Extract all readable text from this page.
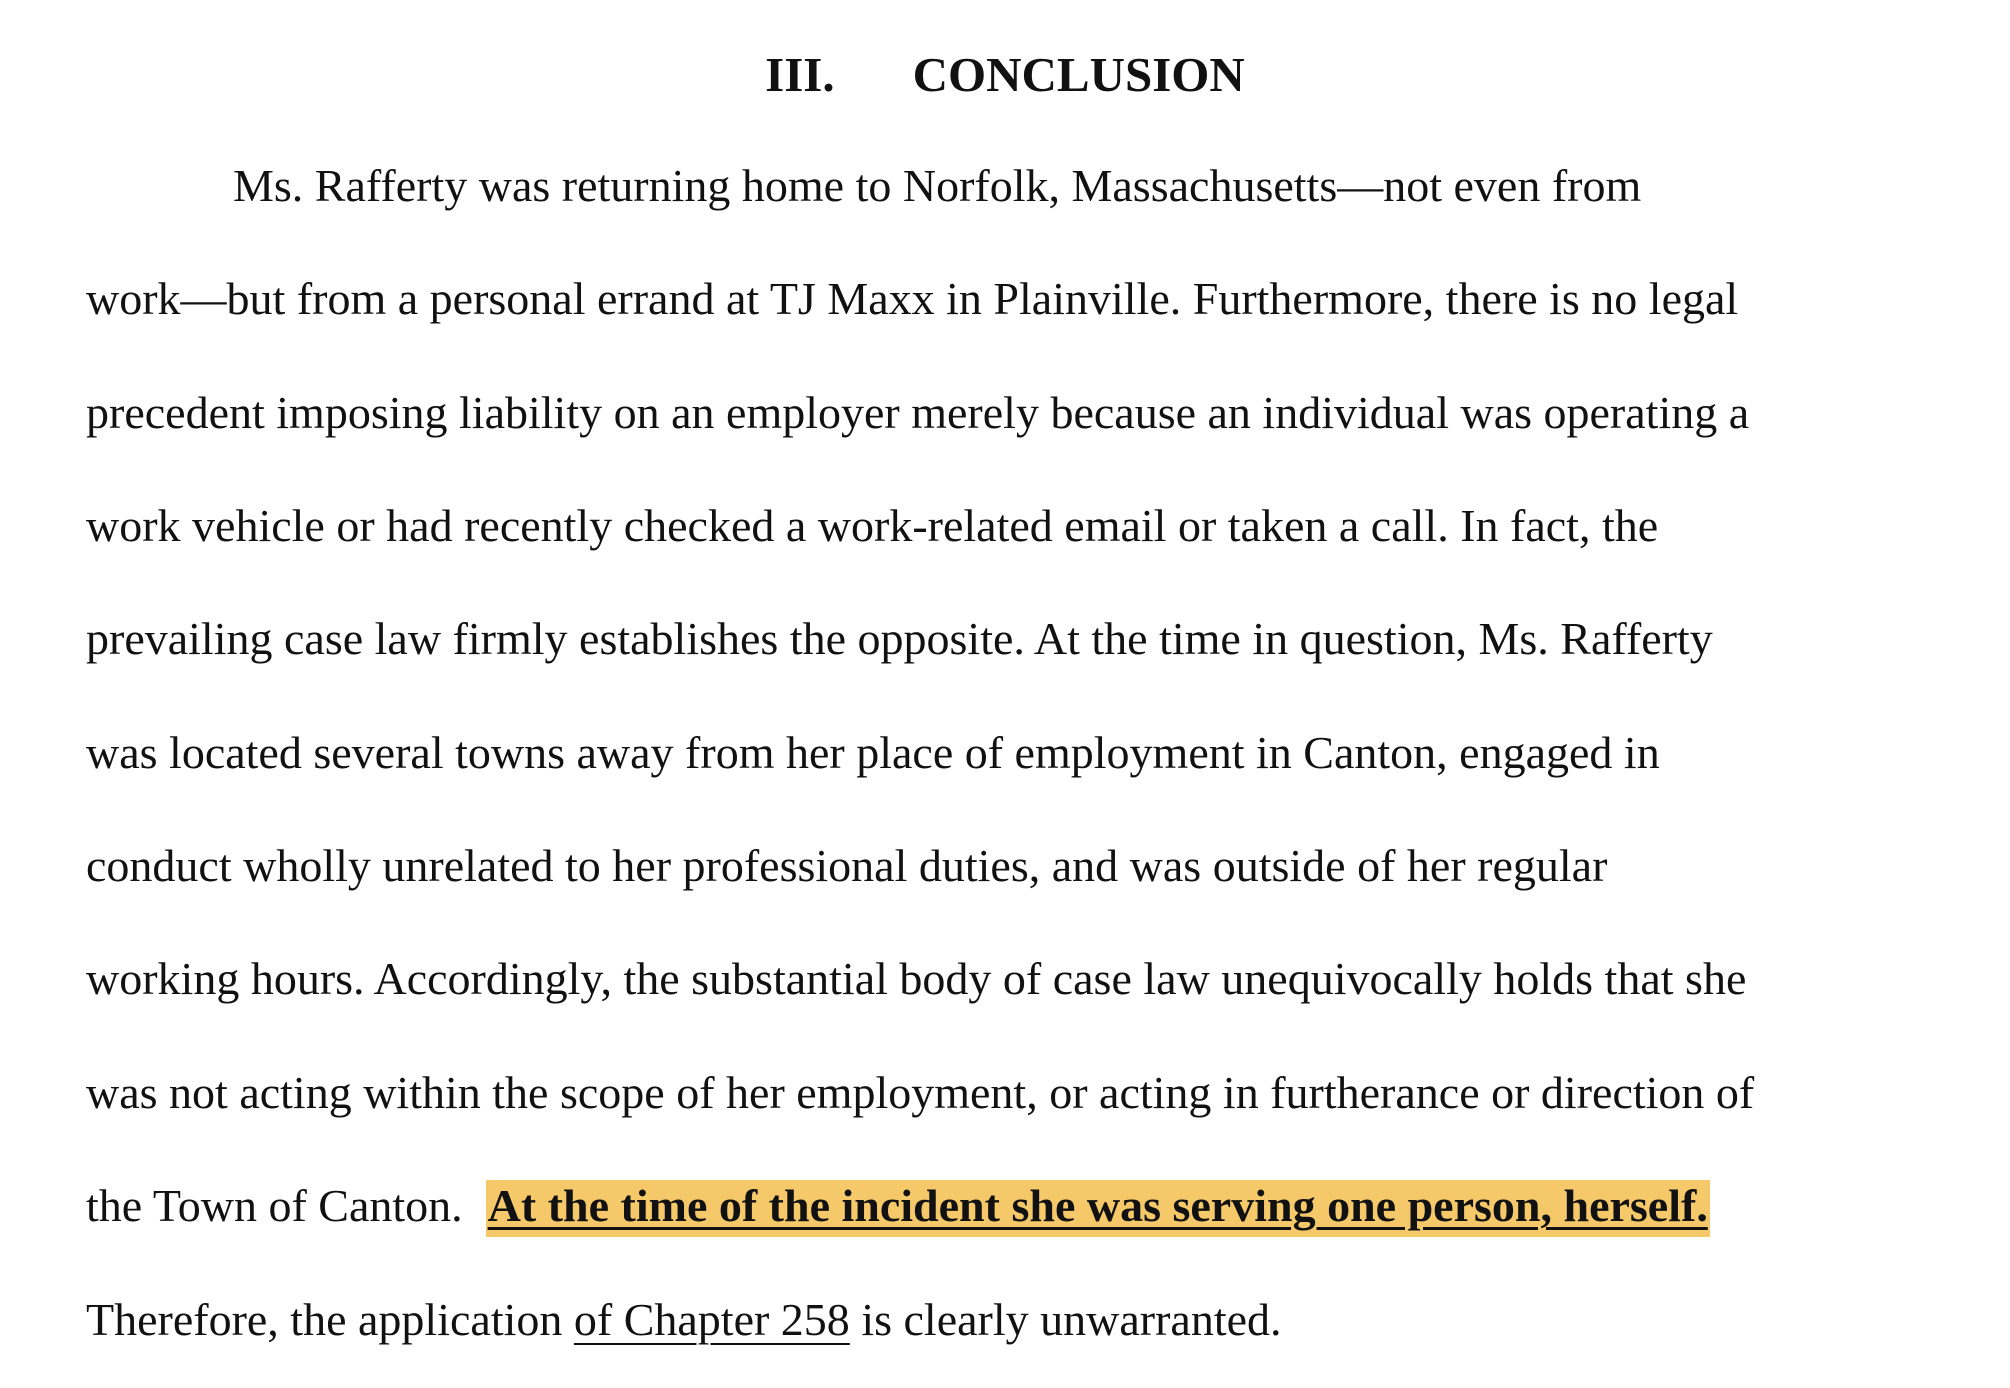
III. CONCLUSION
Ms. Rafferty was returning home to Norfolk, Massachusetts—not even from
work—but from a personal errand at TJ Maxx in Plainville. Furthermore, there is no legal
precedent imposing liability on an employer merely because an individual was operating a
work vehicle or had recently checked a work-related email or taken a call. In fact, the
prevailing case law firmly establishes the opposite. At the time in question, Ms. Rafferty
was located several towns away from her place of employment in Canton, engaged in
conduct wholly unrelated to her professional duties, and was outside of her regular
working hours. Accordingly, the substantial body of case law unequivocally holds that she
was not acting within the scope of her employment, or acting in furtherance or direction of
the Town of Canton. At the time of the incident she was serving one person, herself.
Therefore, the application of Chapter 258 is clearly unwarranted.
